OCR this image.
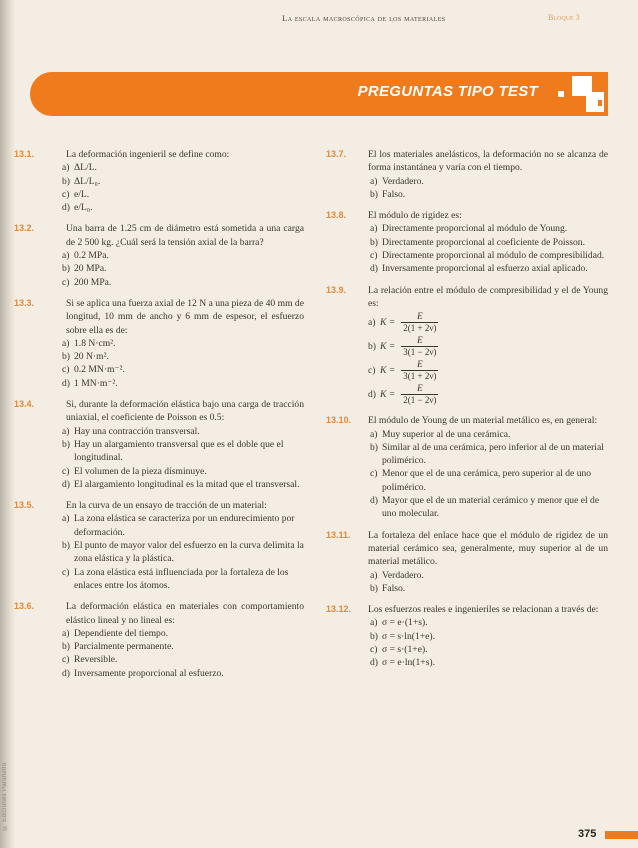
© Ediciones Paraninfo
La escala macroscópica de los materiales	Bloque 3
PREGUNTAS TIPO TEST
13.1.	La deformación ingenieril se define como:
a) ΔL/L.
b) ΔL/L₀.
c) e/L.
d) e/L₀.
13.2.	Una barra de 1.25 cm de diámetro está sometida a una carga de 2 500 kg. ¿Cuál será la tensión axial de la barra?
a) 0.2 MPa.
b) 20 MPa.
c) 200 MPa.
13.3.	Si se aplica una fuerza axial de 12 N a una pieza de 40 mm de longitud, 10 mm de ancho y 6 mm de espesor, el esfuerzo sobre ella es de:
a) 1.8 N·cm².
b) 20 N·m².
c) 0.2 MN·m⁻².
d) 1 MN·m⁻².
13.4.	Si, durante la deformación elástica bajo una carga de tracción uniaxial, el coeficiente de Poisson es 0.5:
a) Hay una contracción transversal.
b) Hay un alargamiento transversal que es el doble que el longitudinal.
c) El volumen de la pieza disminuye.
d) El alargamiento longitudinal es la mitad que el transversal.
13.5.	En la curva de un ensayo de tracción de un material:
a) La zona elástica se caracteriza por un endurecimiento por deformación.
b) El punto de mayor valor del esfuerzo en la curva delimita la zona elástica y la plástica.
c) La zona elástica está influenciada por la fortaleza de los enlaces entre los átomos.
13.6.	La deformación elástica en materiales con comportamiento elástico lineal y no lineal es:
a) Dependiente del tiempo.
b) Parcialmente permanente.
c) Reversible.
d) Inversamente proporcional al esfuerzo.
13.7.	El los materiales anelásticos, la deformación no se alcanza de forma instantánea y varía con el tiempo.
a) Verdadero.
b) Falso.
13.8.	El módulo de rigidez es:
a) Directamente proporcional al módulo de Young.
b) Directamente proporcional al coeficiente de Poisson.
c) Directamente proporcional al módulo de compresibilidad.
d) Inversamente proporcional al esfuerzo axial aplicado.
13.9.	La relación entre el módulo de compresibilidad y el de Young es:
a) $K = \frac{E}{2(1 + 2\nu)}$
b) $K = \frac{E}{3(1 - 2\nu)}$
c) $K = \frac{E}{3(1 + 2\nu)}$
d) $K = \frac{E}{2(1 - 2\nu)}$
13.10.	El módulo de Young de un material metálico es, en general:
a) Muy superior al de una cerámica.
b) Similar al de una cerámica, pero inferior al de un material polimérico.
c) Menor que el de una cerámica, pero superior al de uno polimérico.
d) Mayor que el de un material cerámico y menor que el de uno molecular.
13.11.	La fortaleza del enlace hace que el módulo de rigidez de un material cerámico sea, generalmente, muy superior al de un material metálico.
a) Verdadero.
b) Falso.
13.12.	Los esfuerzos reales e ingenieriles se relacionan a través de:
a) σ = e·(1+s).
b) σ = s·ln(1+e).
c) σ = s·(1+e).
d) σ = e·ln(1+s).
375
